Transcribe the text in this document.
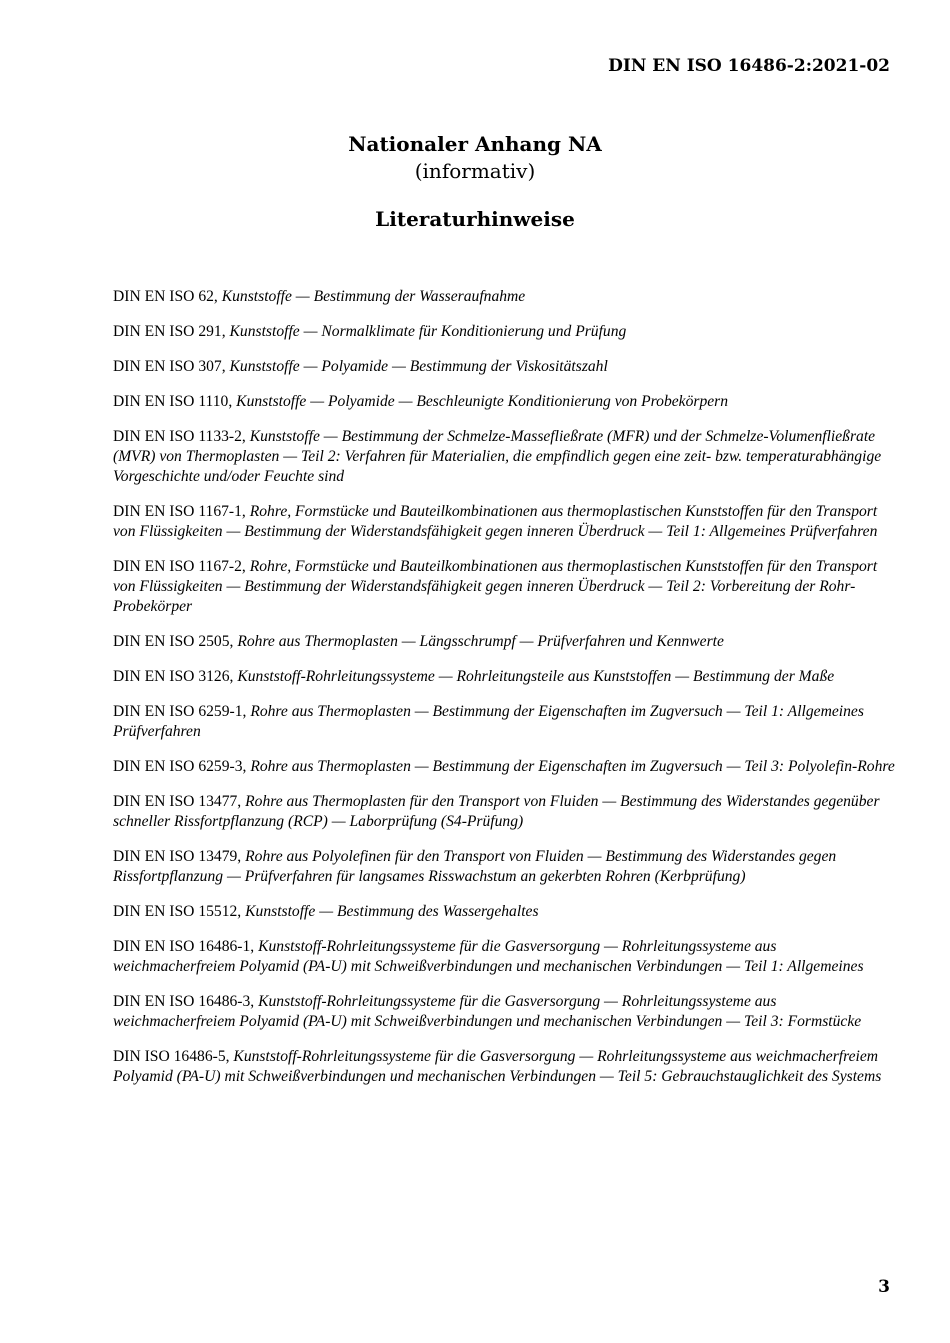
DIN EN ISO 16486-2:2021-02
Nationaler Anhang NA
(informativ)
Literaturhinweise

DIN EN ISO 62, Kunststoffe — Bestimmung der Wasseraufnahme

DIN EN ISO 291, Kunststoffe — Normalklimate für Konditionierung und Prüfung

DIN EN ISO 307, Kunststoffe — Polyamide — Bestimmung der Viskositätszahl

DIN EN ISO 1110, Kunststoffe — Polyamide — Beschleunigte Konditionierung von Probekörpern

DIN EN ISO 1133-2, Kunststoffe — Bestimmung der Schmelze-Massefließrate (MFR) und der Schmelze-Volumenfließrate (MVR) von Thermoplasten — Teil 2: Verfahren für Materialien, die empfindlich gegen eine zeit- bzw. temperaturabhängige Vorgeschichte und/oder Feuchte sind

DIN EN ISO 1167-1, Rohre, Formstücke und Bauteilkombinationen aus thermoplastischen Kunststoffen für den Transport von Flüssigkeiten — Bestimmung der Widerstandsfähigkeit gegen inneren Überdruck — Teil 1: Allgemeines Prüfverfahren

DIN EN ISO 1167-2, Rohre, Formstücke und Bauteilkombinationen aus thermoplastischen Kunststoffen für den Transport von Flüssigkeiten — Bestimmung der Widerstandsfähigkeit gegen inneren Überdruck — Teil 2: Vorbereitung der Rohr-Probekörper

DIN EN ISO 2505, Rohre aus Thermoplasten — Längsschrumpf — Prüfverfahren und Kennwerte

DIN EN ISO 3126, Kunststoff-Rohrleitungssysteme — Rohrleitungsteile aus Kunststoffen — Bestimmung der Maße

DIN EN ISO 6259-1, Rohre aus Thermoplasten — Bestimmung der Eigenschaften im Zugversuch — Teil 1: Allgemeines Prüfverfahren

DIN EN ISO 6259-3, Rohre aus Thermoplasten — Bestimmung der Eigenschaften im Zugversuch — Teil 3: Polyolefin-Rohre

DIN EN ISO 13477, Rohre aus Thermoplasten für den Transport von Fluiden — Bestimmung des Widerstandes gegenüber schneller Rissfortpflanzung (RCP) — Laborprüfung (S4-Prüfung)

DIN EN ISO 13479, Rohre aus Polyolefinen für den Transport von Fluiden — Bestimmung des Widerstandes gegen Rissfortpflanzung — Prüfverfahren für langsames Risswachstum an gekerbten Rohren (Kerbprüfung)

DIN EN ISO 15512, Kunststoffe — Bestimmung des Wassergehaltes

DIN EN ISO 16486-1, Kunststoff-Rohrleitungssysteme für die Gasversorgung — Rohrleitungssysteme aus weichmacherfreiem Polyamid (PA-U) mit Schweißverbindungen und mechanischen Verbindungen — Teil 1: Allgemeines

DIN EN ISO 16486-3, Kunststoff-Rohrleitungssysteme für die Gasversorgung — Rohrleitungssysteme aus weichmacherfreiem Polyamid (PA-U) mit Schweißverbindungen und mechanischen Verbindungen — Teil 3: Formstücke

DIN ISO 16486-5, Kunststoff-Rohrleitungssysteme für die Gasversorgung — Rohrleitungssysteme aus weichmacherfreiem Polyamid (PA-U) mit Schweißverbindungen und mechanischen Verbindungen — Teil 5: Gebrauchstauglichkeit des Systems

3
